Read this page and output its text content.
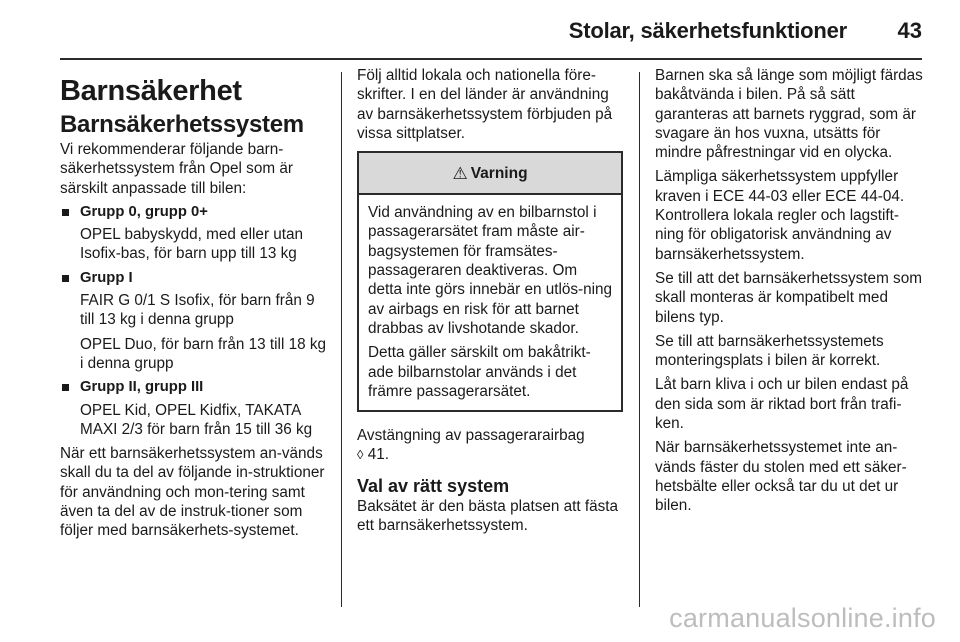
Stolar, säkerhetsfunktioner 43
Barnsäkerhet
Barnsäkerhetssystem

Vi rekommenderar följande barn-säkerhetssystem från Opel som är särskilt anpassade till bilen:

Grupp 0, grupp 0+

OPEL babyskydd, med eller utan Isofix-bas, för barn upp till 13 kg

Grupp I

FAIR G 0/1 S Isofix, för barn från 9 till 13 kg i denna grupp

OPEL Duo, för barn från 13 till 18 kg i denna grupp

Grupp II, grupp III

OPEL Kid, OPEL Kidfix, TAKATA MAXI 2/3 för barn från 15 till 36 kg

När ett barnsäkerhetssystem an-vänds skall du ta del av följande in-struktioner för användning och mon-tering samt även ta del av de instruk-tioner som följer med barnsäkerhets-systemet.

Följ alltid lokala och nationella före-skrifter. I en del länder är användning av barnsäkerhetssystem förbjuden på vissa sittplatser.

⚠ Varning

Vid användning av en bilbarnstol i passagerarsätet fram måste air-bagsystemen för framsätes-passageraren deaktiveras. Om detta inte görs innebär en utlös-ning av airbags en risk för att barnet drabbas av livshotande skador.

Detta gäller särskilt om bakåtrikt-ade bilbarnstolar används i det främre passagerarsätet.

Avstängning av passagerarairbag
◊ 41.

Val av rätt system

Baksätet är den bästa platsen att fästa ett barnsäkerhetssystem.

Barnen ska så länge som möjligt färdas bakåtvända i bilen. På så sätt garanteras att barnets ryggrad, som är svagare än hos vuxna, utsätts för mindre påfrestningar vid en olycka.

Lämpliga säkerhetssystem uppfyller kraven i ECE 44-03 eller ECE 44-04. Kontrollera lokala regler och lagstift-ning för obligatorisk användning av barnsäkerhetssystem.

Se till att det barnsäkerhetssystem som skall monteras är kompatibelt med bilens typ.

Se till att barnsäkerhetssystemets monteringsplats i bilen är korrekt.

Låt barn kliva i och ur bilen endast på den sida som är riktad bort från trafi-ken.

När barnsäkerhetssystemet inte an-vänds fäster du stolen med ett säker-hetsbälte eller också tar du ut det ur bilen.

carmanualsonline.info
